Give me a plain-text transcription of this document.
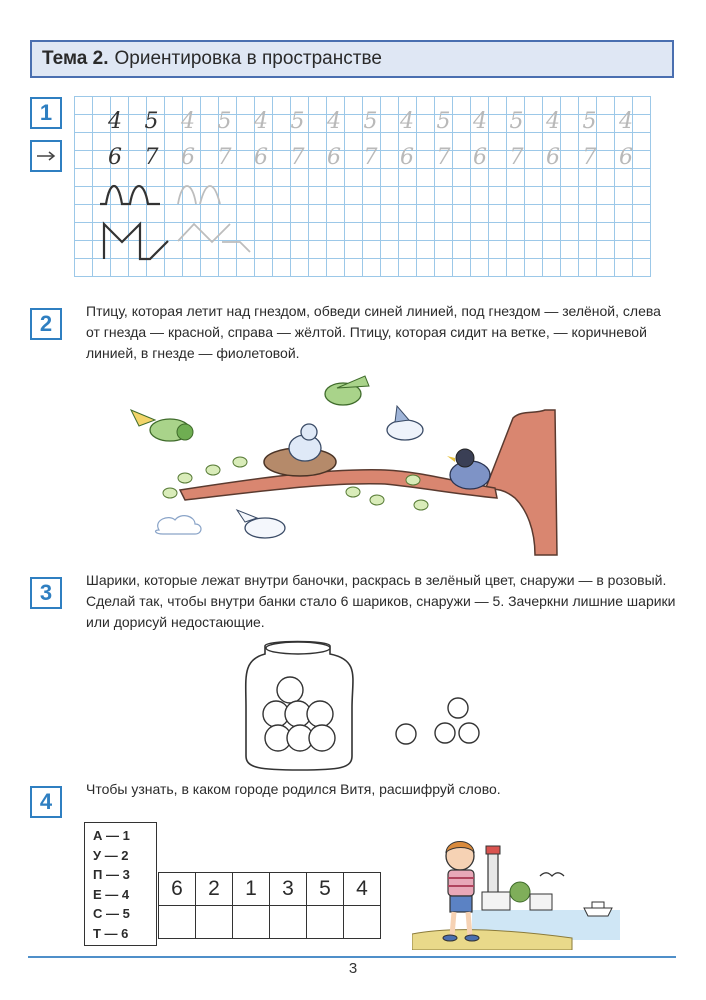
Тема 2. Ориентировка в пространстве
1	4 5 4 5 4 5 4 5 4 5 4 5 4 5 4
6 7 6 7 6 7 6 7 6 7 6 7 6 7 6
2	Птицу, которая летит над гнездом, обведи синей линией, под гнездом — зелёной, слева от гнезда — красной, справа — жёлтой. Птицу, которая сидит на ветке, — коричневой линией, в гнезде — фиолетовой.
3	Шарики, которые лежат внутри баночки, раскрась в зелёный цвет, снаружи — в розовый. Сделай так, чтобы внутри банки стало 6 шариков, снаружи — 5. Зачеркни лишние шарики или дорисуй недостающие.
4	Чтобы узнать, в каком городе родился Витя, расшифруй слово.
А — 1
У — 2
П — 3
Е — 4
С — 5
Т — 6
6	2	1	3	5	4

3
